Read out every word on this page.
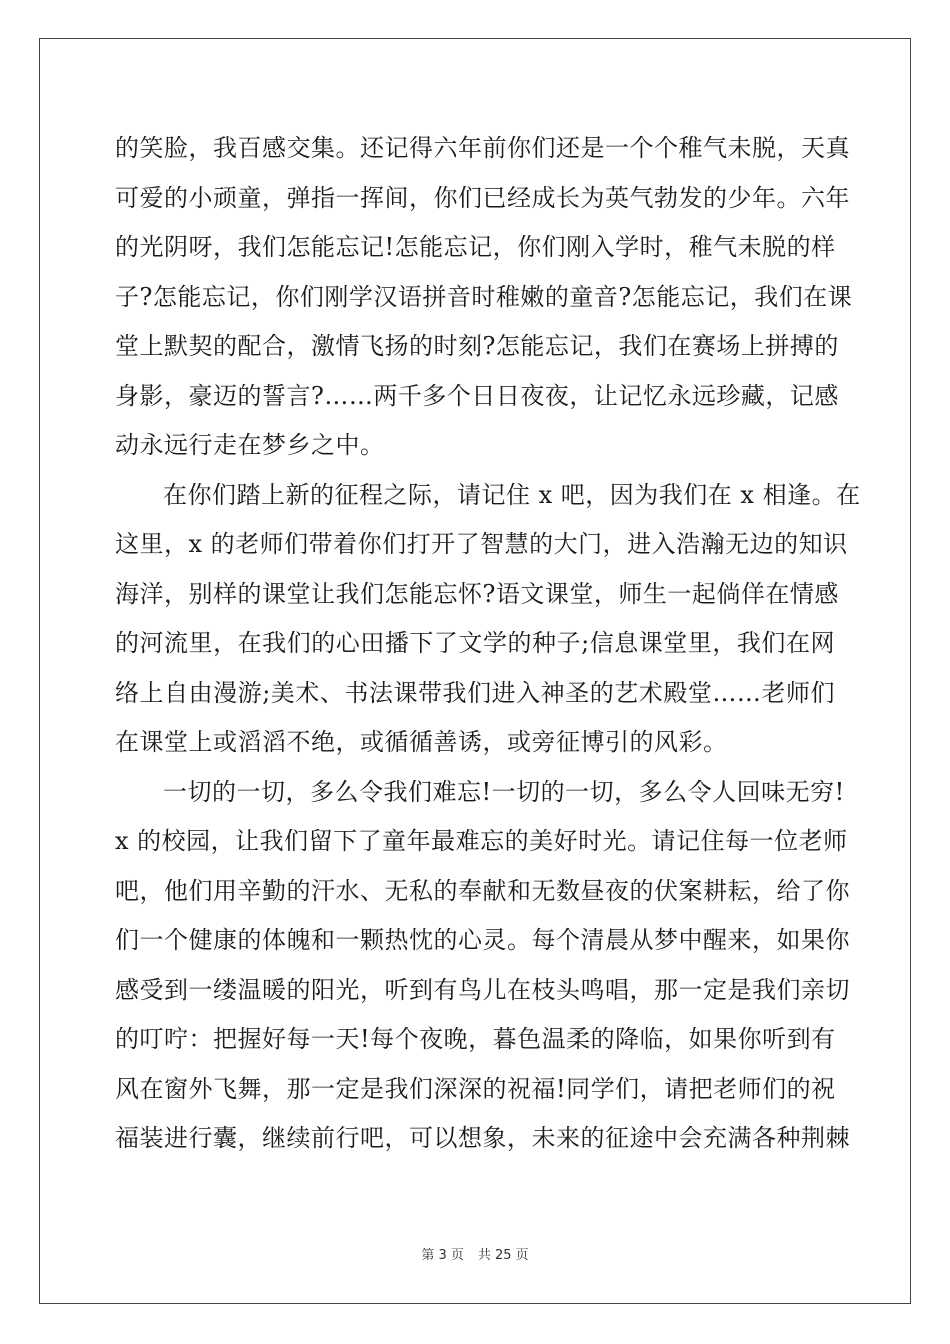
的笑脸，我百感交集。还记得六年前你们还是一个个稚气未脱，天真
可爱的小顽童，弹指一挥间，你们已经成长为英气勃发的少年。六年
的光阴呀，我们怎能忘记!怎能忘记，你们刚入学时，稚气未脱的样
子?怎能忘记，你们刚学汉语拼音时稚嫩的童音?怎能忘记，我们在课
堂上默契的配合，激情飞扬的时刻?怎能忘记，我们在赛场上拼搏的
身影，豪迈的誓言?……两千多个日日夜夜，让记忆永远珍藏，记感
动永远行走在梦乡之中。
在你们踏上新的征程之际，请记住 x 吧，因为我们在 x 相逢。在
这里，x 的老师们带着你们打开了智慧的大门，进入浩瀚无边的知识
海洋，别样的课堂让我们怎能忘怀?语文课堂，师生一起倘佯在情感
的河流里，在我们的心田播下了文学的种子;信息课堂里，我们在网
络上自由漫游;美术、书法课带我们进入神圣的艺术殿堂……老师们
在课堂上或滔滔不绝，或循循善诱，或旁征博引的风彩。
一切的一切，多么令我们难忘!一切的一切，多么令人回味无穷!
x 的校园，让我们留下了童年最难忘的美好时光。请记住每一位老师
吧，他们用辛勤的汗水、无私的奉献和无数昼夜的伏案耕耘，给了你
们一个健康的体魄和一颗热忱的心灵。每个清晨从梦中醒来，如果你
感受到一缕温暖的阳光，听到有鸟儿在枝头鸣唱，那一定是我们亲切
的叮咛：把握好每一天!每个夜晚，暮色温柔的降临，如果你听到有
风在窗外飞舞，那一定是我们深深的祝福!同学们，请把老师们的祝
福装进行囊，继续前行吧，可以想象，未来的征途中会充满各种荆棘
第 3 页 共 25 页
